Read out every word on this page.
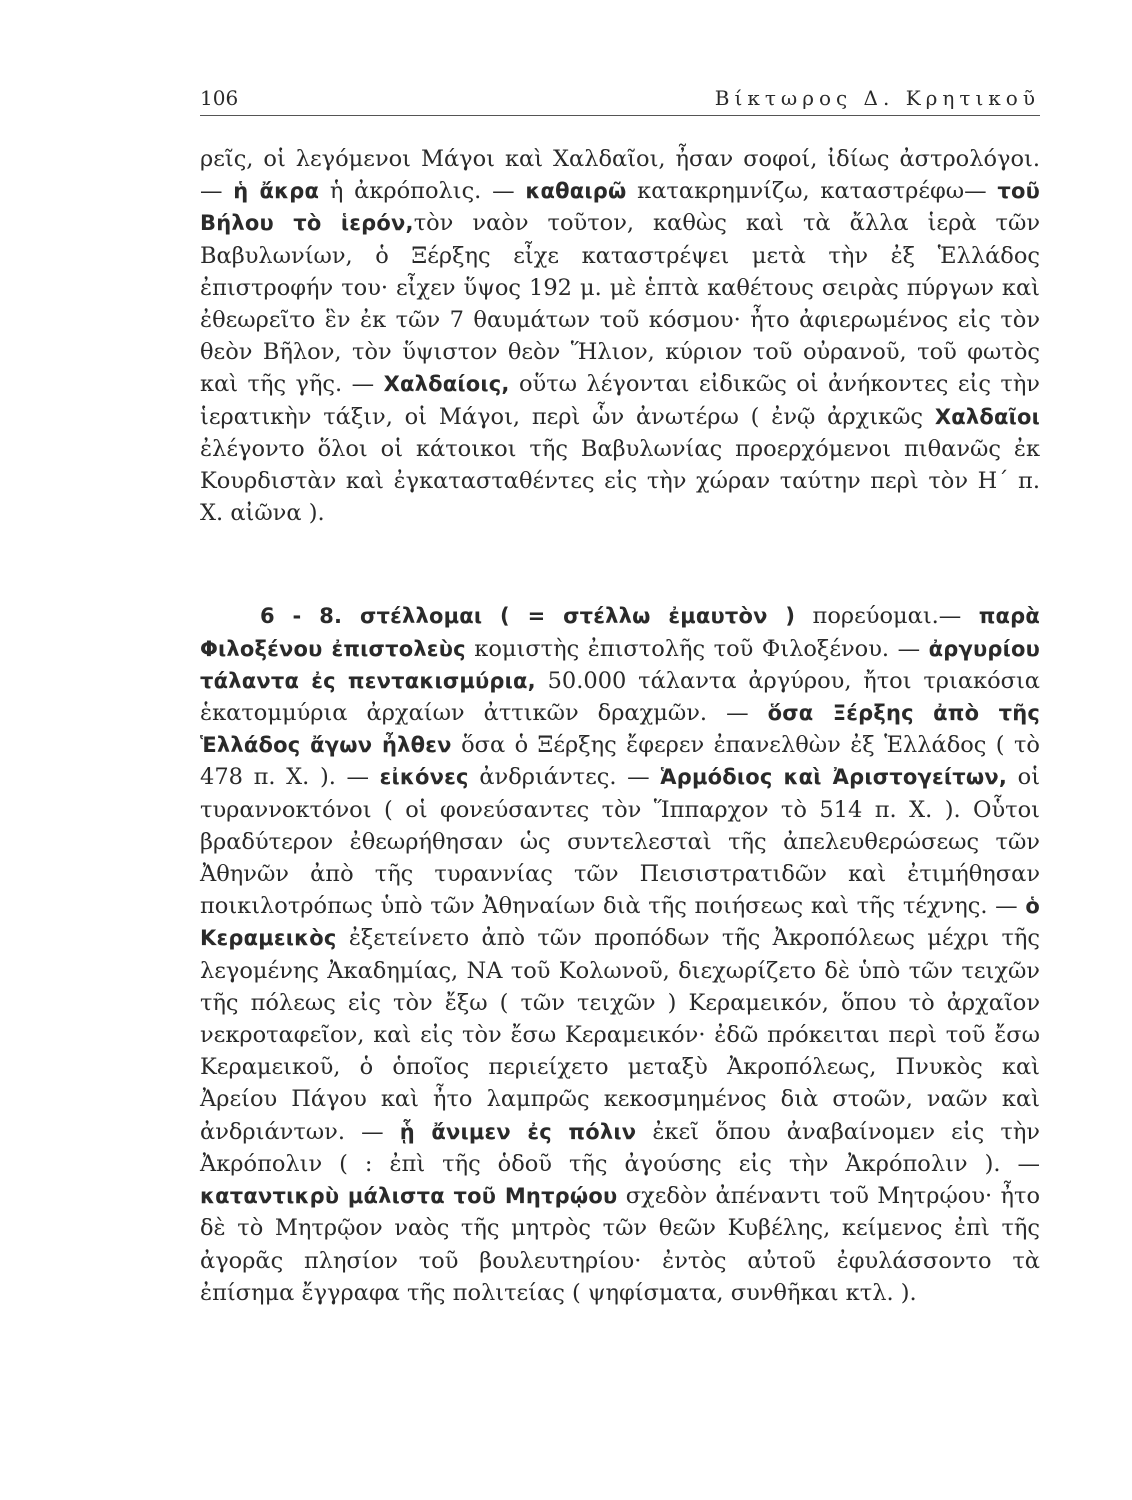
106	Βίκτωρος Δ. Κρητικοῦ

ρεῖς, οἱ λεγόμενοι Μάγοι καὶ Χαλδαῖοι, ἦσαν σοφοί, ἰδίως ἀστρολόγοι. — ἡ ἄκρα ἡ ἀκρόπολις. — καθαιρῶ κατακρημνίζω, καταστρέφω— τοῦ Βήλου τὸ ἱερόν,τὸν ναὸν τοῦτον, καθὼς καὶ τὰ ἄλλα ἱερὰ τῶν Βαβυλωνίων, ὁ Ξέρξης εἶχε καταστρέψει μετὰ τὴν ἐξ Ἑλλάδος ἐπιστροφήν του· εἶχεν ὕψος 192 μ. μὲ ἑπτὰ καθέτους σειρὰς πύργων καὶ ἐθεωρεῖτο ἓν ἐκ τῶν 7 θαυμάτων τοῦ κόσμου· ἦτο ἀφιερωμένος εἰς τὸν θεὸν Βῆλον, τὸν ὕψιστον θεὸν Ἥλιον, κύριον τοῦ οὐρανοῦ, τοῦ φωτὸς καὶ τῆς γῆς. — Χαλδαίοις, οὕτω λέγονται εἰδικῶς οἱ ἀνήκοντες εἰς τὴν ἱερατικὴν τάξιν, οἱ Μάγοι, περὶ ὧν ἀνωτέρω ( ἐνῷ ἀρχικῶς Χαλδαῖοι ἐλέγοντο ὅλοι οἱ κάτοικοι τῆς Βαβυλωνίας προερχόμενοι πιθανῶς ἐκ Κουρδιστὰν καὶ ἐγκατασταθέντες εἰς τὴν χώραν ταύτην περὶ τὸν Η΄ π. Χ. αἰῶνα ).

6 - 8. στέλλομαι ( = στέλλω ἐμαυτὸν ) πορεύομαι.— παρὰ Φιλοξένου ἐπιστολεὺς κομιστὴς ἐπιστολῆς τοῦ Φιλοξένου. — ἀργυρίου τάλαντα ἐς πεντακισμύρια, 50.000 τάλαντα ἀργύρου, ἤτοι τριακόσια ἑκατομμύρια ἀρχαίων ἀττικῶν δραχμῶν. — ὅσα Ξέρξης ἀπὸ τῆς Ἑλλάδος ἄγων ἦλθεν ὅσα ὁ Ξέρξης ἔφερεν ἐπανελθὼν ἐξ Ἑλλάδος ( τὸ 478 π. Χ. ). — εἰκόνες ἀνδριάντες. — Ἁρμόδιος καὶ Ἀριστογείτων, οἱ τυραννοκτόνοι ( οἱ φονεύσαντες τὸν Ἵππαρχον τὸ 514 π. Χ. ). Οὗτοι βραδύτερον ἐθεωρήθησαν ὡς συντελεσταὶ τῆς ἀπελευθερώσεως τῶν Ἀθηνῶν ἀπὸ τῆς τυραννίας τῶν Πεισιστρατιδῶν καὶ ἐτιμήθησαν ποικιλοτρόπως ὑπὸ τῶν Ἀθηναίων διὰ τῆς ποιήσεως καὶ τῆς τέχνης. — ὁ Κεραμεικὸς ἐξετείνετο ἀπὸ τῶν προπόδων τῆς Ἀκροπόλεως μέχρι τῆς λεγομένης Ἀκαδημίας, ΝΑ τοῦ Κολωνοῦ, διεχωρίζετο δὲ ὑπὸ τῶν τειχῶν τῆς πόλεως εἰς τὸν ἔξω ( τῶν τειχῶν ) Κεραμεικόν, ὅπου τὸ ἀρχαῖον νεκροταφεῖον, καὶ εἰς τὸν ἔσω Κεραμεικόν· ἐδῶ πρόκειται περὶ τοῦ ἔσω Κεραμεικοῦ, ὁ ὁποῖος περιείχετο μεταξὺ Ἀκροπόλεως, Πνυκὸς καὶ Ἀρείου Πάγου καὶ ἦτο λαμπρῶς κεκοσμημένος διὰ στοῶν, ναῶν καὶ ἀνδριάντων. — ᾗ ἄνιμεν ἐς πόλιν ἐκεῖ ὅπου ἀναβαίνομεν εἰς τὴν Ἀκρόπολιν ( : ἐπὶ τῆς ὁδοῦ τῆς ἀγούσης εἰς τὴν Ἀκρόπολιν ). — καταντικρὺ μάλιστα τοῦ Μητρῴου σχεδὸν ἀπέναντι τοῦ Μητρῴου· ἦτο δὲ τὸ Μητρῷον ναὸς τῆς μητρὸς τῶν θεῶν Κυβέλης, κείμενος ἐπὶ τῆς ἀγορᾶς πλησίον τοῦ βουλευτηρίου· ἐντὸς αὐτοῦ ἐφυλάσσοντο τὰ ἐπίσημα ἔγγραφα τῆς πολιτείας ( ψηφίσματα, συνθῆκαι κτλ. ).
